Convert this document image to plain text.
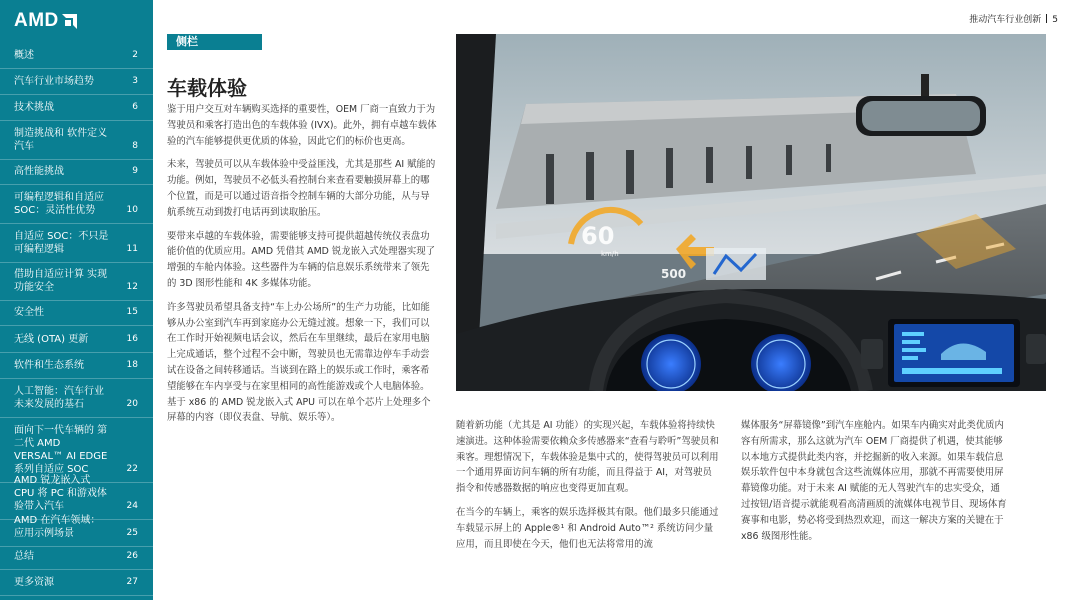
AMD
概述	2
汽车行业市场趋势	3
技术挑战	6
制造挑战和 软件定义汽车	8
高性能挑战	9
可编程逻辑和自适应 SOC：灵活性优势	10
自适应 SOC：不只是 可编程逻辑	11
借助自适应计算 实现功能安全	12
安全性	15
无线 (OTA) 更新	16
软件和生态系统	18
人工智能：汽车行业 未来发展的基石	20
面向下一代车辆的 第二代 AMD VERSAL™ AI EDGE 系列自适应 SOC	22
AMD 锐龙嵌入式 CPU 将 PC 和游戏体验带入汽车	24
AMD 在汽车领域： 应用示例场景	25
总结	26
更多资源	27
推动汽车行业创新 5
侧栏
车载体验

鉴于用户交互对车辆购买选择的重要性，OEM 厂商一直致力于为驾驶员和乘客打造出色的车载体验 (IVX)。此外，拥有卓越车载体验的汽车能够提供更优质的体验，因此它们的标价也更高。

未来，驾驶员可以从车载体验中受益匪浅，尤其是那些 AI 赋能的功能。例如，驾驶员不必低头看控制台来查看要触摸屏幕上的哪个位置，而是可以通过语音指令控制车辆的大部分功能，从与导航系统互动到拨打电话再到读取胎压。

要带来卓越的车载体验，需要能够支持可提供超越传统仪表盘功能价值的优质应用。AMD 凭借其 AMD 锐龙嵌入式处理器实现了增强的车舱内体验。这些器件为车辆的信息娱乐系统带来了领先的 3D 图形性能和 4K 多媒体功能。

许多驾驶员希望具备支持“车上办公场所”的生产力功能，比如能够从办公室到汽车再到家庭办公无缝过渡。想象一下，我们可以在工作时开始视频电话会议，然后在车里继续，最后在家用电脑上完成通话，整个过程不会中断，驾驶员也无需靠边停车手动尝试在设备之间转移通话。当谈到在路上的娱乐或工作时，乘客希望能够在车内享受与在家里相同的高性能游戏或个人电脑体验。基于 x86 的 AMD 锐龙嵌入式 APU 可以在单个芯片上处理多个屏幕的内容（即仪表盘、导航、娱乐等）。

随着新功能（尤其是 AI 功能）的实现兴起，车载体验将持续快速演进。这种体验需要依赖众多传感器来“查看与聆听”驾驶员和乘客。理想情况下，车载体验是集中式的，使得驾驶员可以利用一个通用界面访问车辆的所有功能，而且得益于 AI，对驾驶员指令和传感器数据的响应也变得更加直观。

在当今的车辆上，乘客的娱乐选择极其有限。他们最多只能通过车载显示屏上的 Apple®¹ 和 Android Auto™² 系统访问少量应用，而且即使在今天，他们也无法将常用的流

媒体服务“屏幕镜像”到汽车座舱内。如果车内确实对此类优质内容有所需求，那么这就为汽车 OEM 厂商提供了机遇，使其能够以本地方式提供此类内容，并挖掘新的收入来源。如果车载信息娱乐软件包中本身就包含这些流媒体应用，那就不再需要使用屏幕镜像功能。对于未来 AI 赋能的无人驾驶汽车的忠实受众，通过按钮/语音提示就能观看高清画质的流媒体电视节目、现场体育赛事和电影，势必将受到热烈欢迎，而这一解决方案的关键在于 x86 级图形性能。

60
km/h
500
